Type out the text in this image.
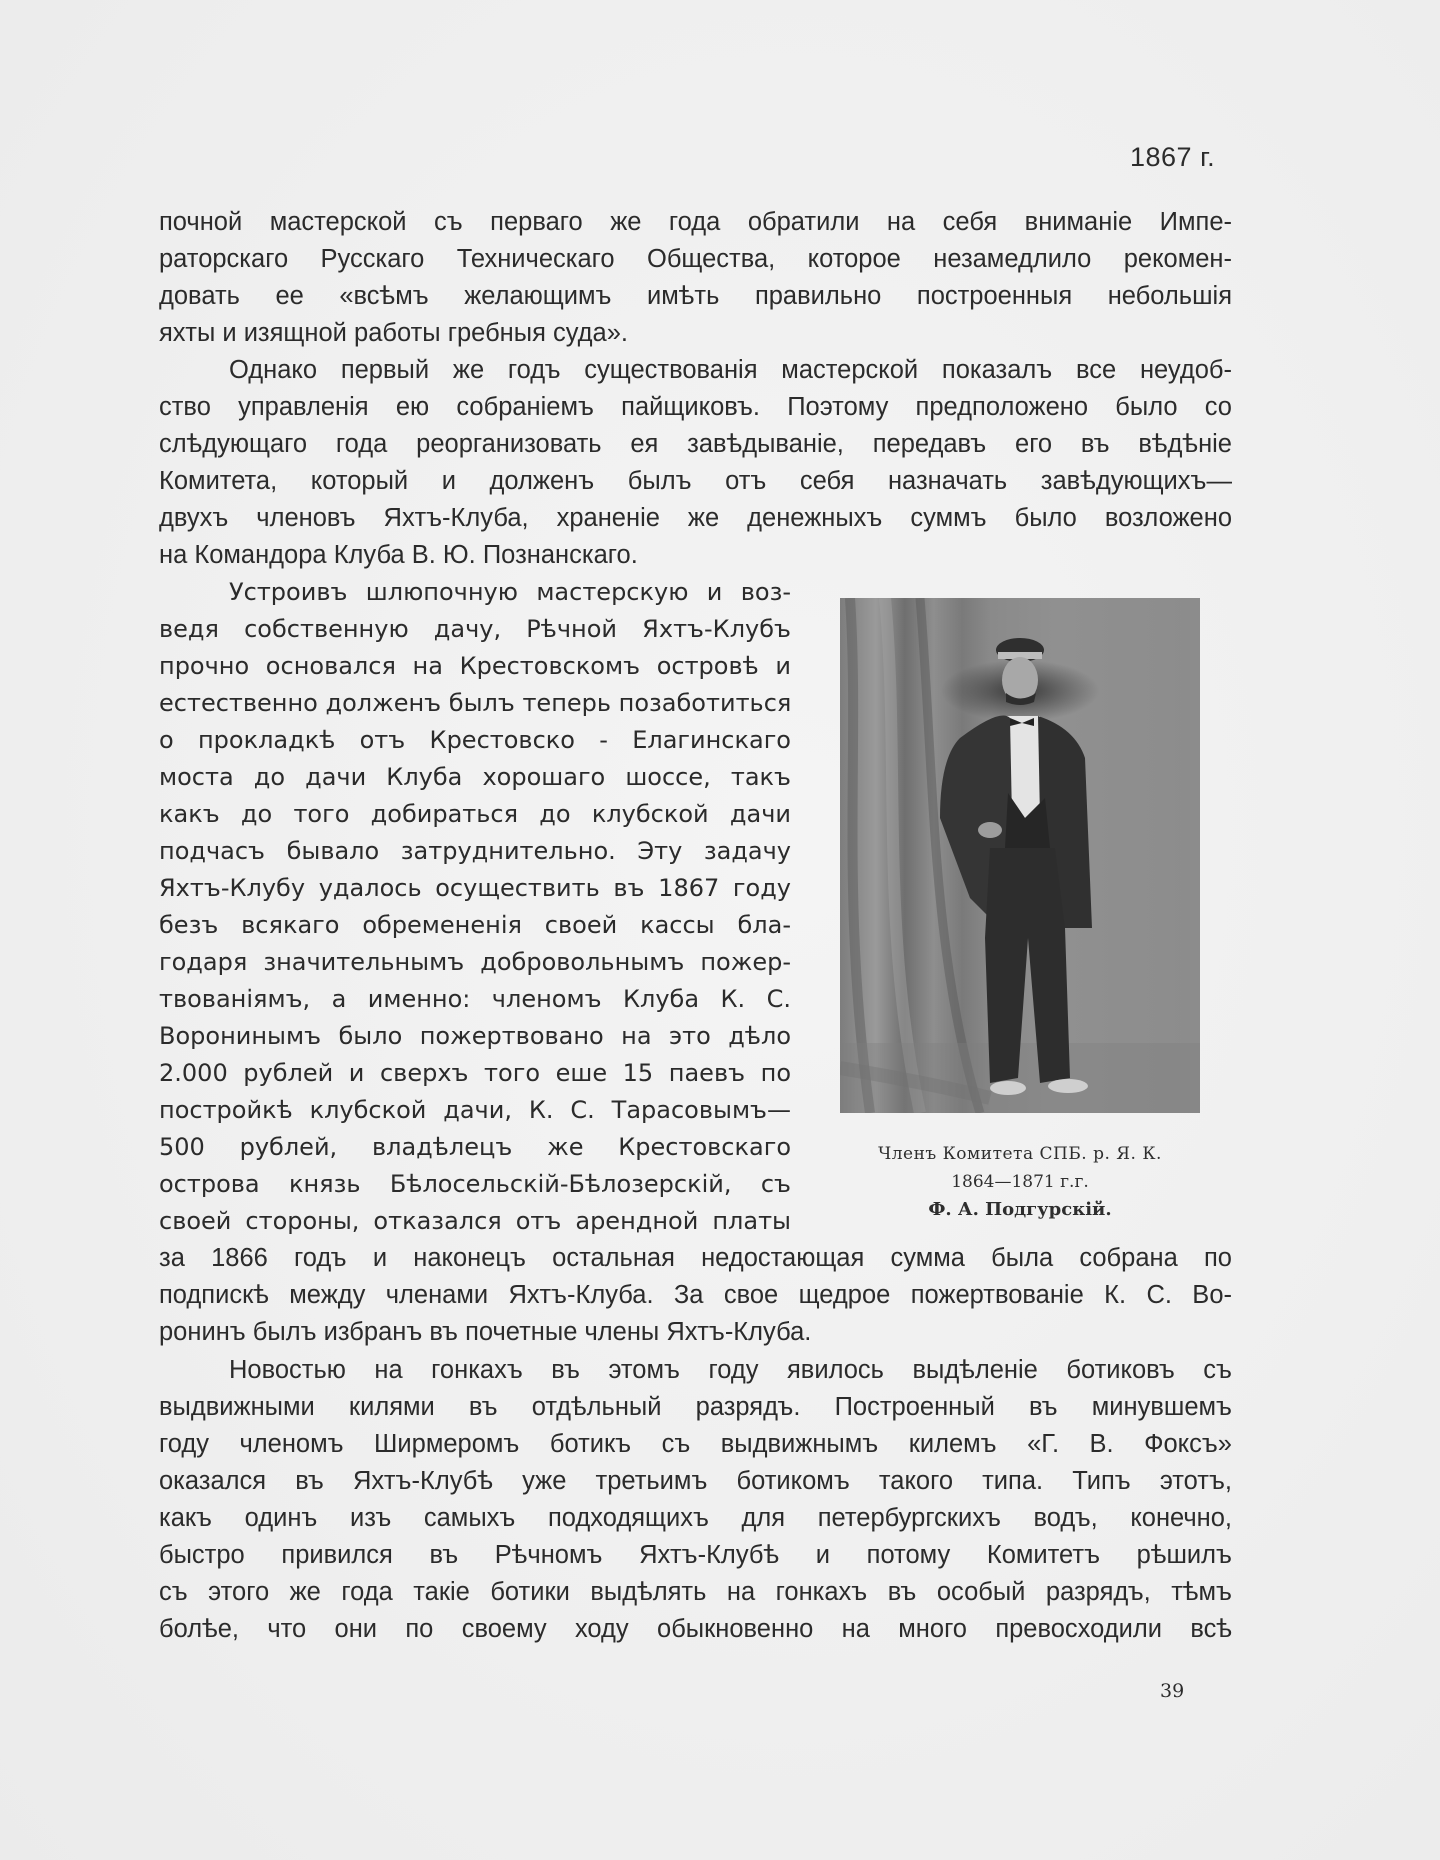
1867 г.
почной мастерской съ перваго же года обратили на себя вниманіе Импе-
раторскаго Русскаго Техническаго Общества, которое незамедлило рекомен-
довать ее «всѣмъ желающимъ имѣть правильно построенныя небольшія
яхты и изящной работы гребныя суда».
Однако первый же годъ существованія мастерской показалъ все неудоб-
ство управленія ею собраніемъ пайщиковъ. Поэтому предположено было со
слѣдующаго года реорганизовать ея завѣдываніе, передавъ его въ вѣдѣніе
Комитета, который и долженъ былъ отъ себя назначать завѣдующихъ—
двухъ членовъ Яхтъ-Клуба, храненіе же денежныхъ суммъ было возложено
на Командора Клуба В. Ю. Познанскаго.
Устроивъ шлюпочную мастерскую и воз-
ведя собственную дачу, Рѣчной Яхтъ-Клубъ
прочно основался на Крестовскомъ островѣ и
естественно долженъ былъ теперь позаботиться
о прокладкѣ отъ Крестовско - Елагинскаго
моста до дачи Клуба хорошаго шоссе, такъ
какъ до того добираться до клубской дачи
подчасъ бывало затруднительно. Эту задачу
Яхтъ-Клубу удалось осуществить въ 1867 году
безъ всякаго обремененія своей кассы бла-
годаря значительнымъ добровольнымъ пожер-
твованіямъ, а именно: членомъ Клуба К. С.
Воронинымъ было пожертвовано на это дѣло
2.000 рублей и сверхъ того еше 15 паевъ по
постройкѣ клубской дачи, К. С. Тарасовымъ—
500 рублей, владѣлецъ же Крестовскаго
острова князь Бѣлосельскій-Бѣлозерскій, съ
своей стороны, отказался отъ арендной платы
Членъ Комитета СПБ. р. Я. К.
1864—1871 г.г.
Ф. А. Подгурскій.
за 1866 годъ и наконецъ остальная недостающая сумма была собрана по
подпискѣ между членами Яхтъ-Клуба. За свое щедрое пожертвованіе К. С. Во-
ронинъ былъ избранъ въ почетные члены Яхтъ-Клуба.
Новостью на гонкахъ въ этомъ году явилось выдѣленіе ботиковъ съ
выдвижными килями въ отдѣльный разрядъ. Построенный въ минувшемъ
году членомъ Ширмеромъ ботикъ съ выдвижнымъ килемъ «Г. В. Фоксъ»
оказался въ Яхтъ-Клубѣ уже третьимъ ботикомъ такого типа. Типъ этотъ,
какъ одинъ изъ самыхъ подходящихъ для петербургскихъ водъ, конечно,
быстро привился въ Рѣчномъ Яхтъ-Клубѣ и потому Комитетъ рѣшилъ
съ этого же года такіе ботики выдѣлять на гонкахъ въ особый разрядъ, тѣмъ
болѣе, что они по своему ходу обыкновенно на много превосходили всѣ
39
